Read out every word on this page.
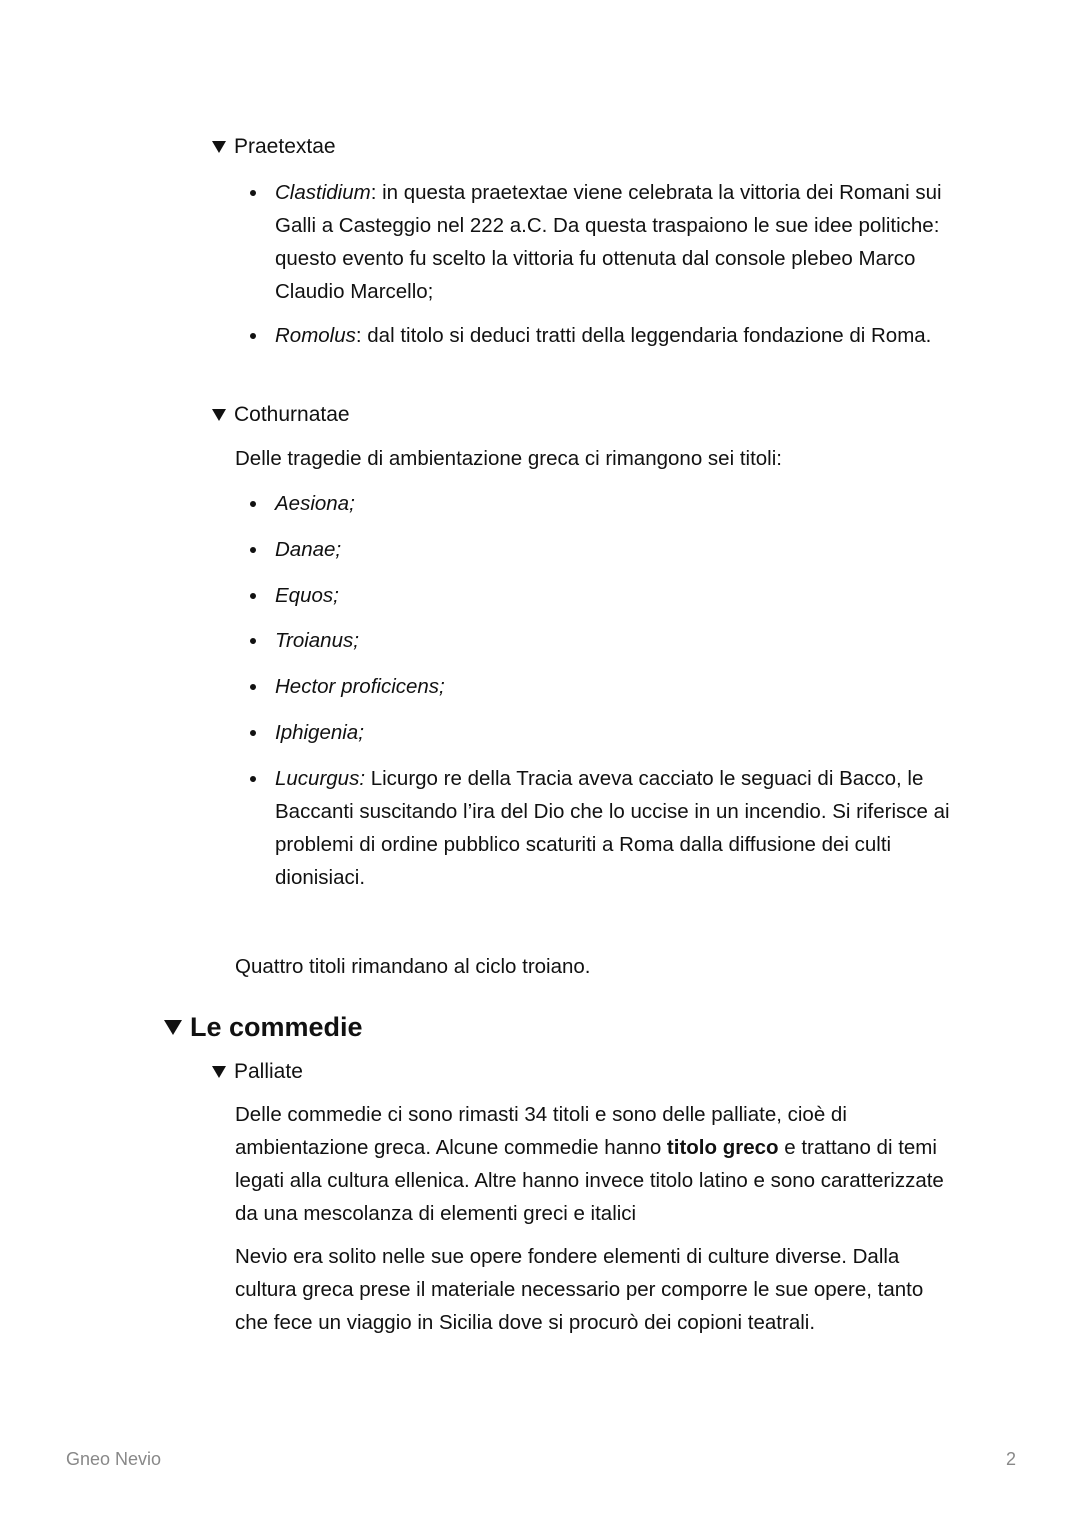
Praetextae
Clastidium: in questa praetextae viene celebrata la vittoria dei Romani sui Galli a Casteggio nel 222 a.C. Da questa traspaiono le sue idee politiche: questo evento fu scelto la vittoria fu ottenuta dal console plebeo Marco Claudio Marcello;
Romolus: dal titolo si deduci tratti della leggendaria fondazione di Roma.
Cothurnatae

Delle tragedie di ambientazione greca ci rimangono sei titoli:

Aesiona;
Danae;
Equos;
Troianus;
Hector proficicens;
Iphigenia;
Lucurgus: Licurgo re della Tracia aveva cacciato le seguaci di Bacco, le Baccanti suscitando l’ira del Dio che lo uccise in un incendio. Si riferisce ai problemi di ordine pubblico scaturiti a Roma dalla diffusione dei culti dionisiaci.

Quattro titoli rimandano al ciclo troiano.

Le commedie
Palliate

Delle commedie ci sono rimasti 34 titoli e sono delle palliate, cioè di ambientazione greca. Alcune commedie hanno titolo greco e trattano di temi legati alla cultura ellenica. Altre hanno invece titolo latino e sono caratterizzate da una mescolanza di elementi greci e italici

Nevio era solito nelle sue opere fondere elementi di culture diverse. Dalla cultura greca prese il materiale necessario per comporre le sue opere, tanto che fece un viaggio in Sicilia dove si procurò dei copioni teatrali.

Gneo Nevio	2
